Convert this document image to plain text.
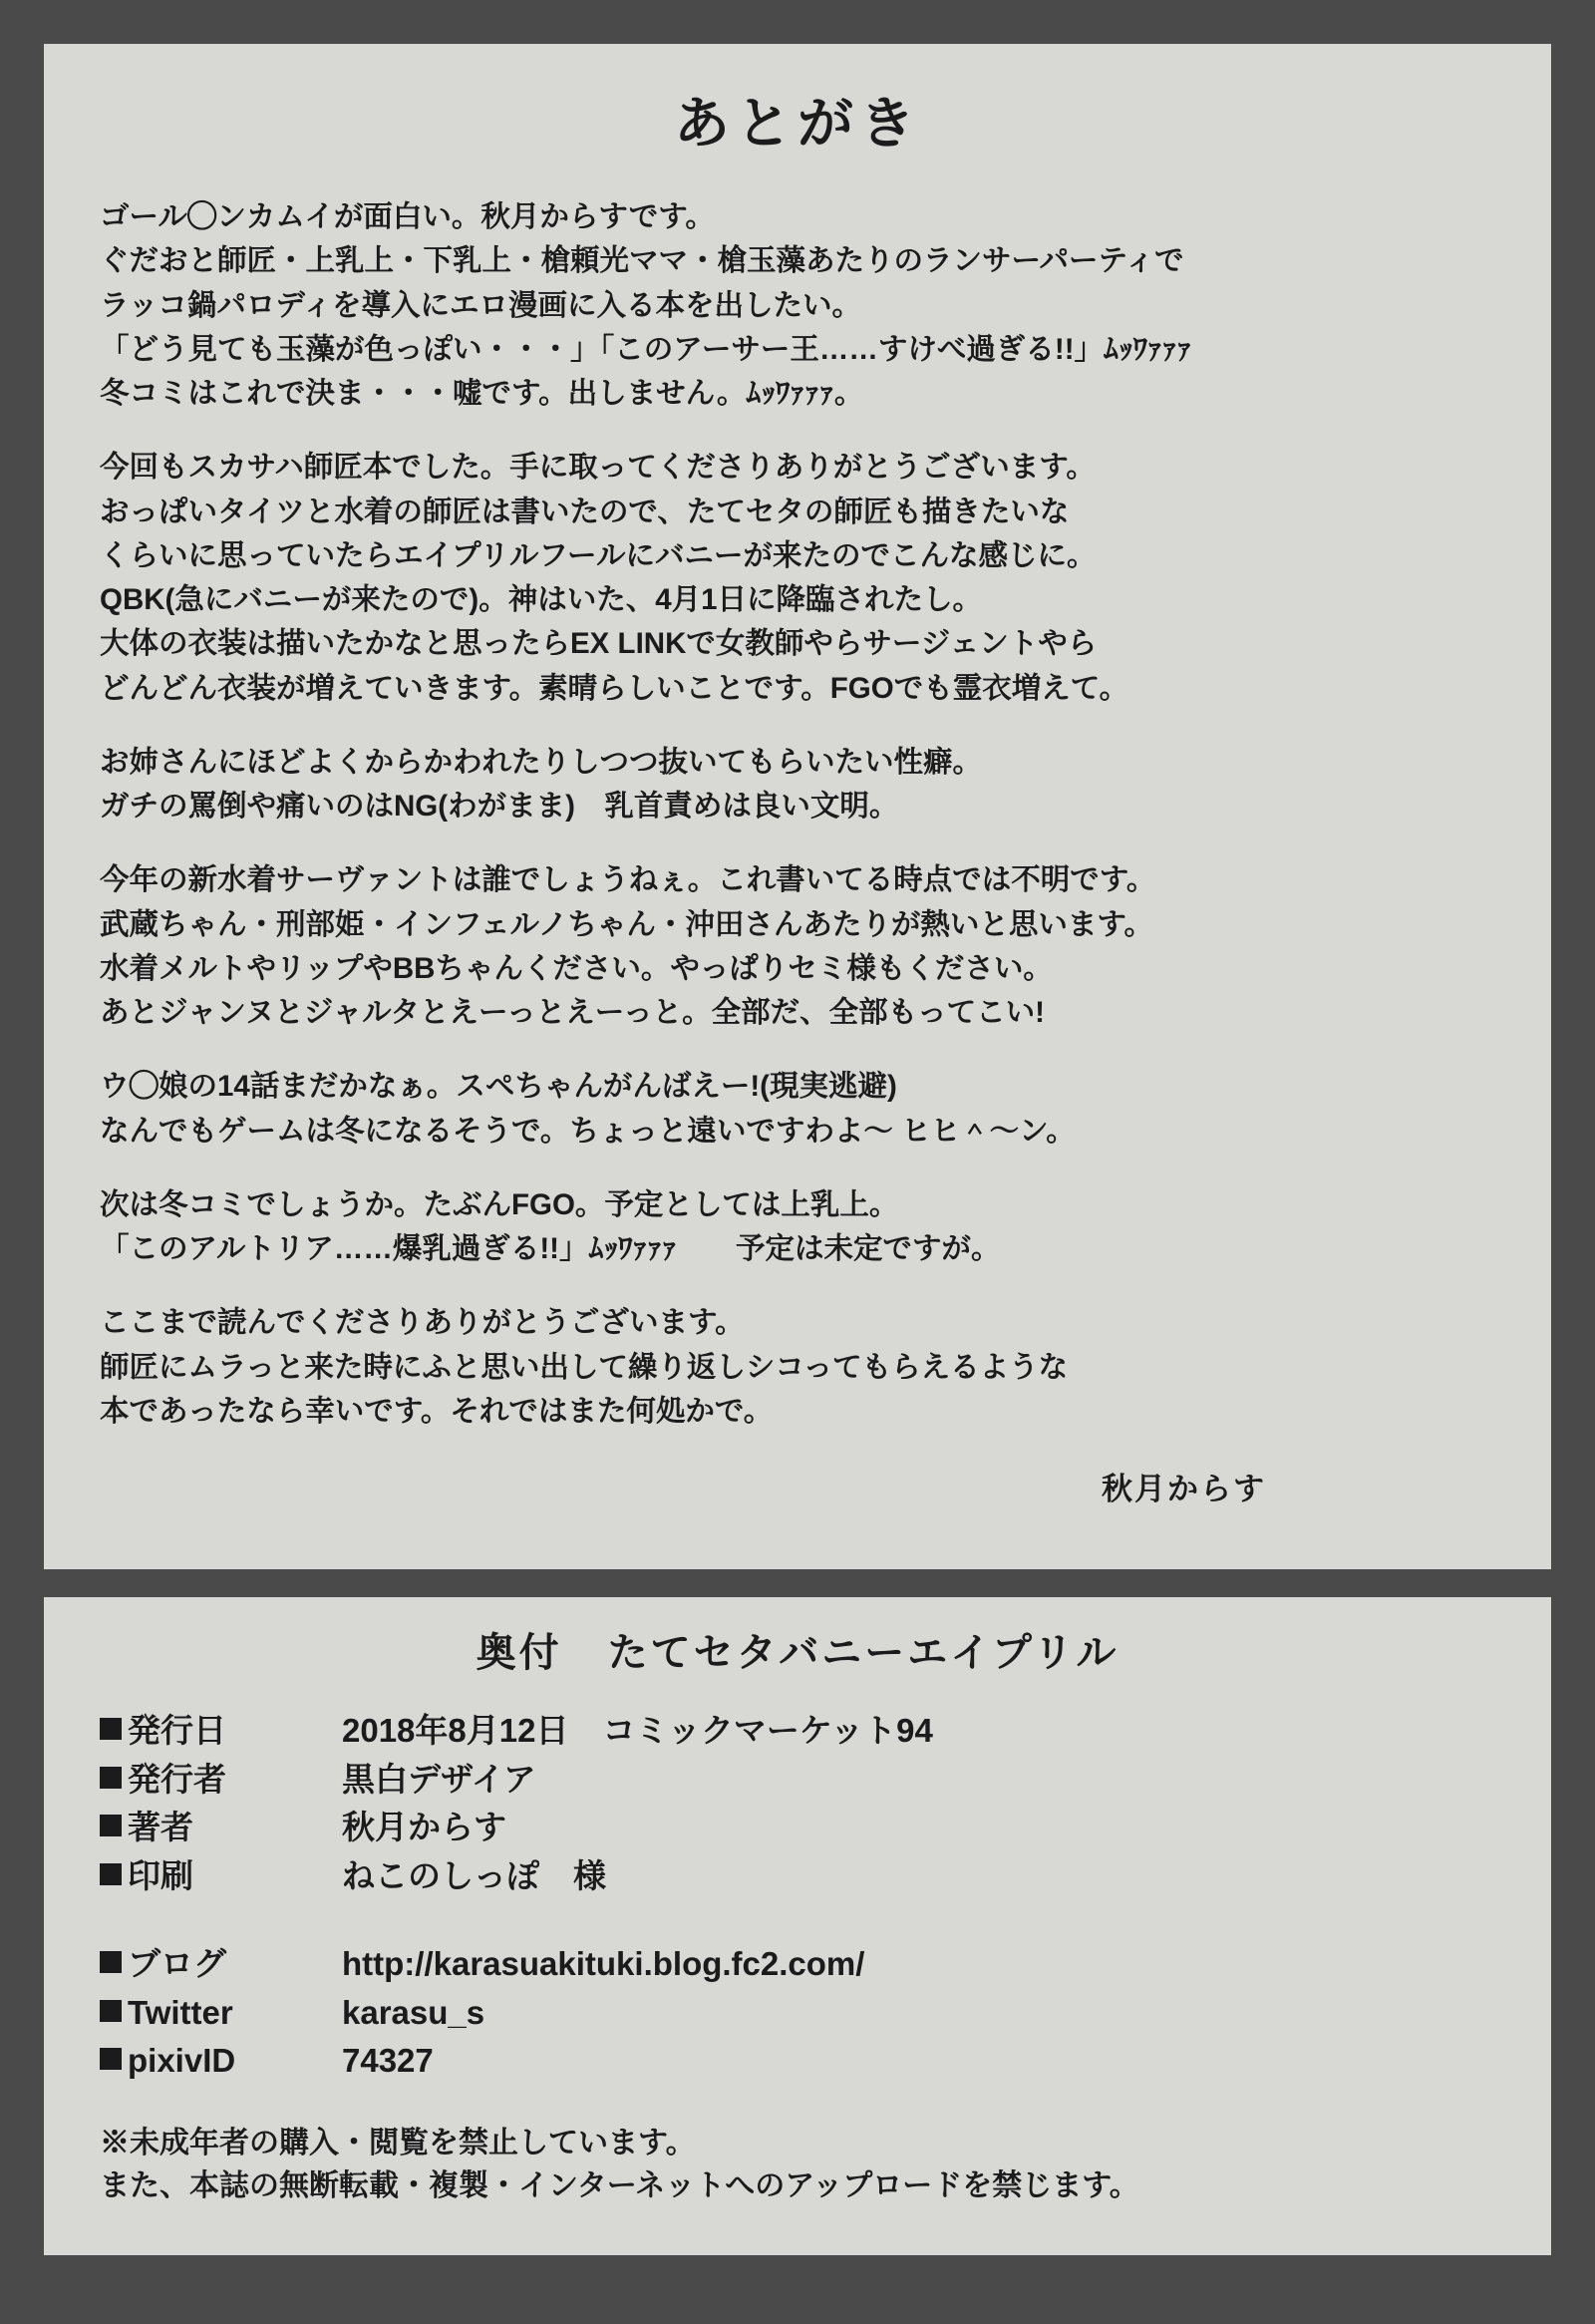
あとがき
ゴール◯ンカムイが面白い。秋月からすです。
ぐだおと師匠・上乳上・下乳上・槍頼光ママ・槍玉藻あたりのランサーパーティで
ラッコ鍋パロディを導入にエロ漫画に入る本を出したい。
「どう見ても玉藻が色っぽい・・・」「このアーサー王……すけべ過ぎる!!」ﾑｯﾜｧｧｧ
冬コミはこれで決ま・・・嘘です。出しません。ﾑｯﾜｧｧｧ。
今回もスカサハ師匠本でした。手に取ってくださりありがとうございます。
おっぱいタイツと水着の師匠は書いたので、たてセタの師匠も描きたいな
くらいに思っていたらエイプリルフールにバニーが来たのでこんな感じに。
QBK(急にバニーが来たので)。神はいた、4月1日に降臨されたし。
大体の衣装は描いたかなと思ったらEX LINKで女教師やらサージェントやら
どんどん衣装が増えていきます。素晴らしいことです。FGOでも霊衣増えて。
お姉さんにほどよくからかわれたりしつつ抜いてもらいたい性癖。
ガチの罵倒や痛いのはNG(わがまま)　乳首責めは良い文明。
今年の新水着サーヴァントは誰でしょうねぇ。これ書いてる時点では不明です。
武蔵ちゃん・刑部姫・インフェルノちゃん・沖田さんあたりが熱いと思います。
水着メルトやリップやBBちゃんください。やっぱりセミ様もください。
あとジャンヌとジャルタとえーっとえーっと。全部だ、全部もってこい!
ウ◯娘の14話まだかなぁ。スペちゃんがんばえー!(現実逃避)
なんでもゲームは冬になるそうで。ちょっと遠いですわよ〜 ヒヒ＾〜ン。
次は冬コミでしょうか。たぶんFGO。予定としては上乳上。
「このアルトリア……爆乳過ぎる!!」ﾑｯﾜｧｧｧ　　予定は未定ですが。
ここまで読んでくださりありがとうございます。
師匠にムラっと来た時にふと思い出して繰り返しシコってもらえるような
本であったなら幸いです。それではまた何処かで。
秋月からす
奥付 たてセタバニーエイプリル
発行日	2018年8月12日 コミックマーケット94
発行者	黒白デザイア
著者	秋月からす
印刷	ねこのしっぽ 様
ブログ	http://karasuakituki.blog.fc2.com/
Twitter	karasu_s
pixivID	74327
※未成年者の購入・閲覧を禁止しています。
また、本誌の無断転載・複製・インターネットへのアップロードを禁じます。
